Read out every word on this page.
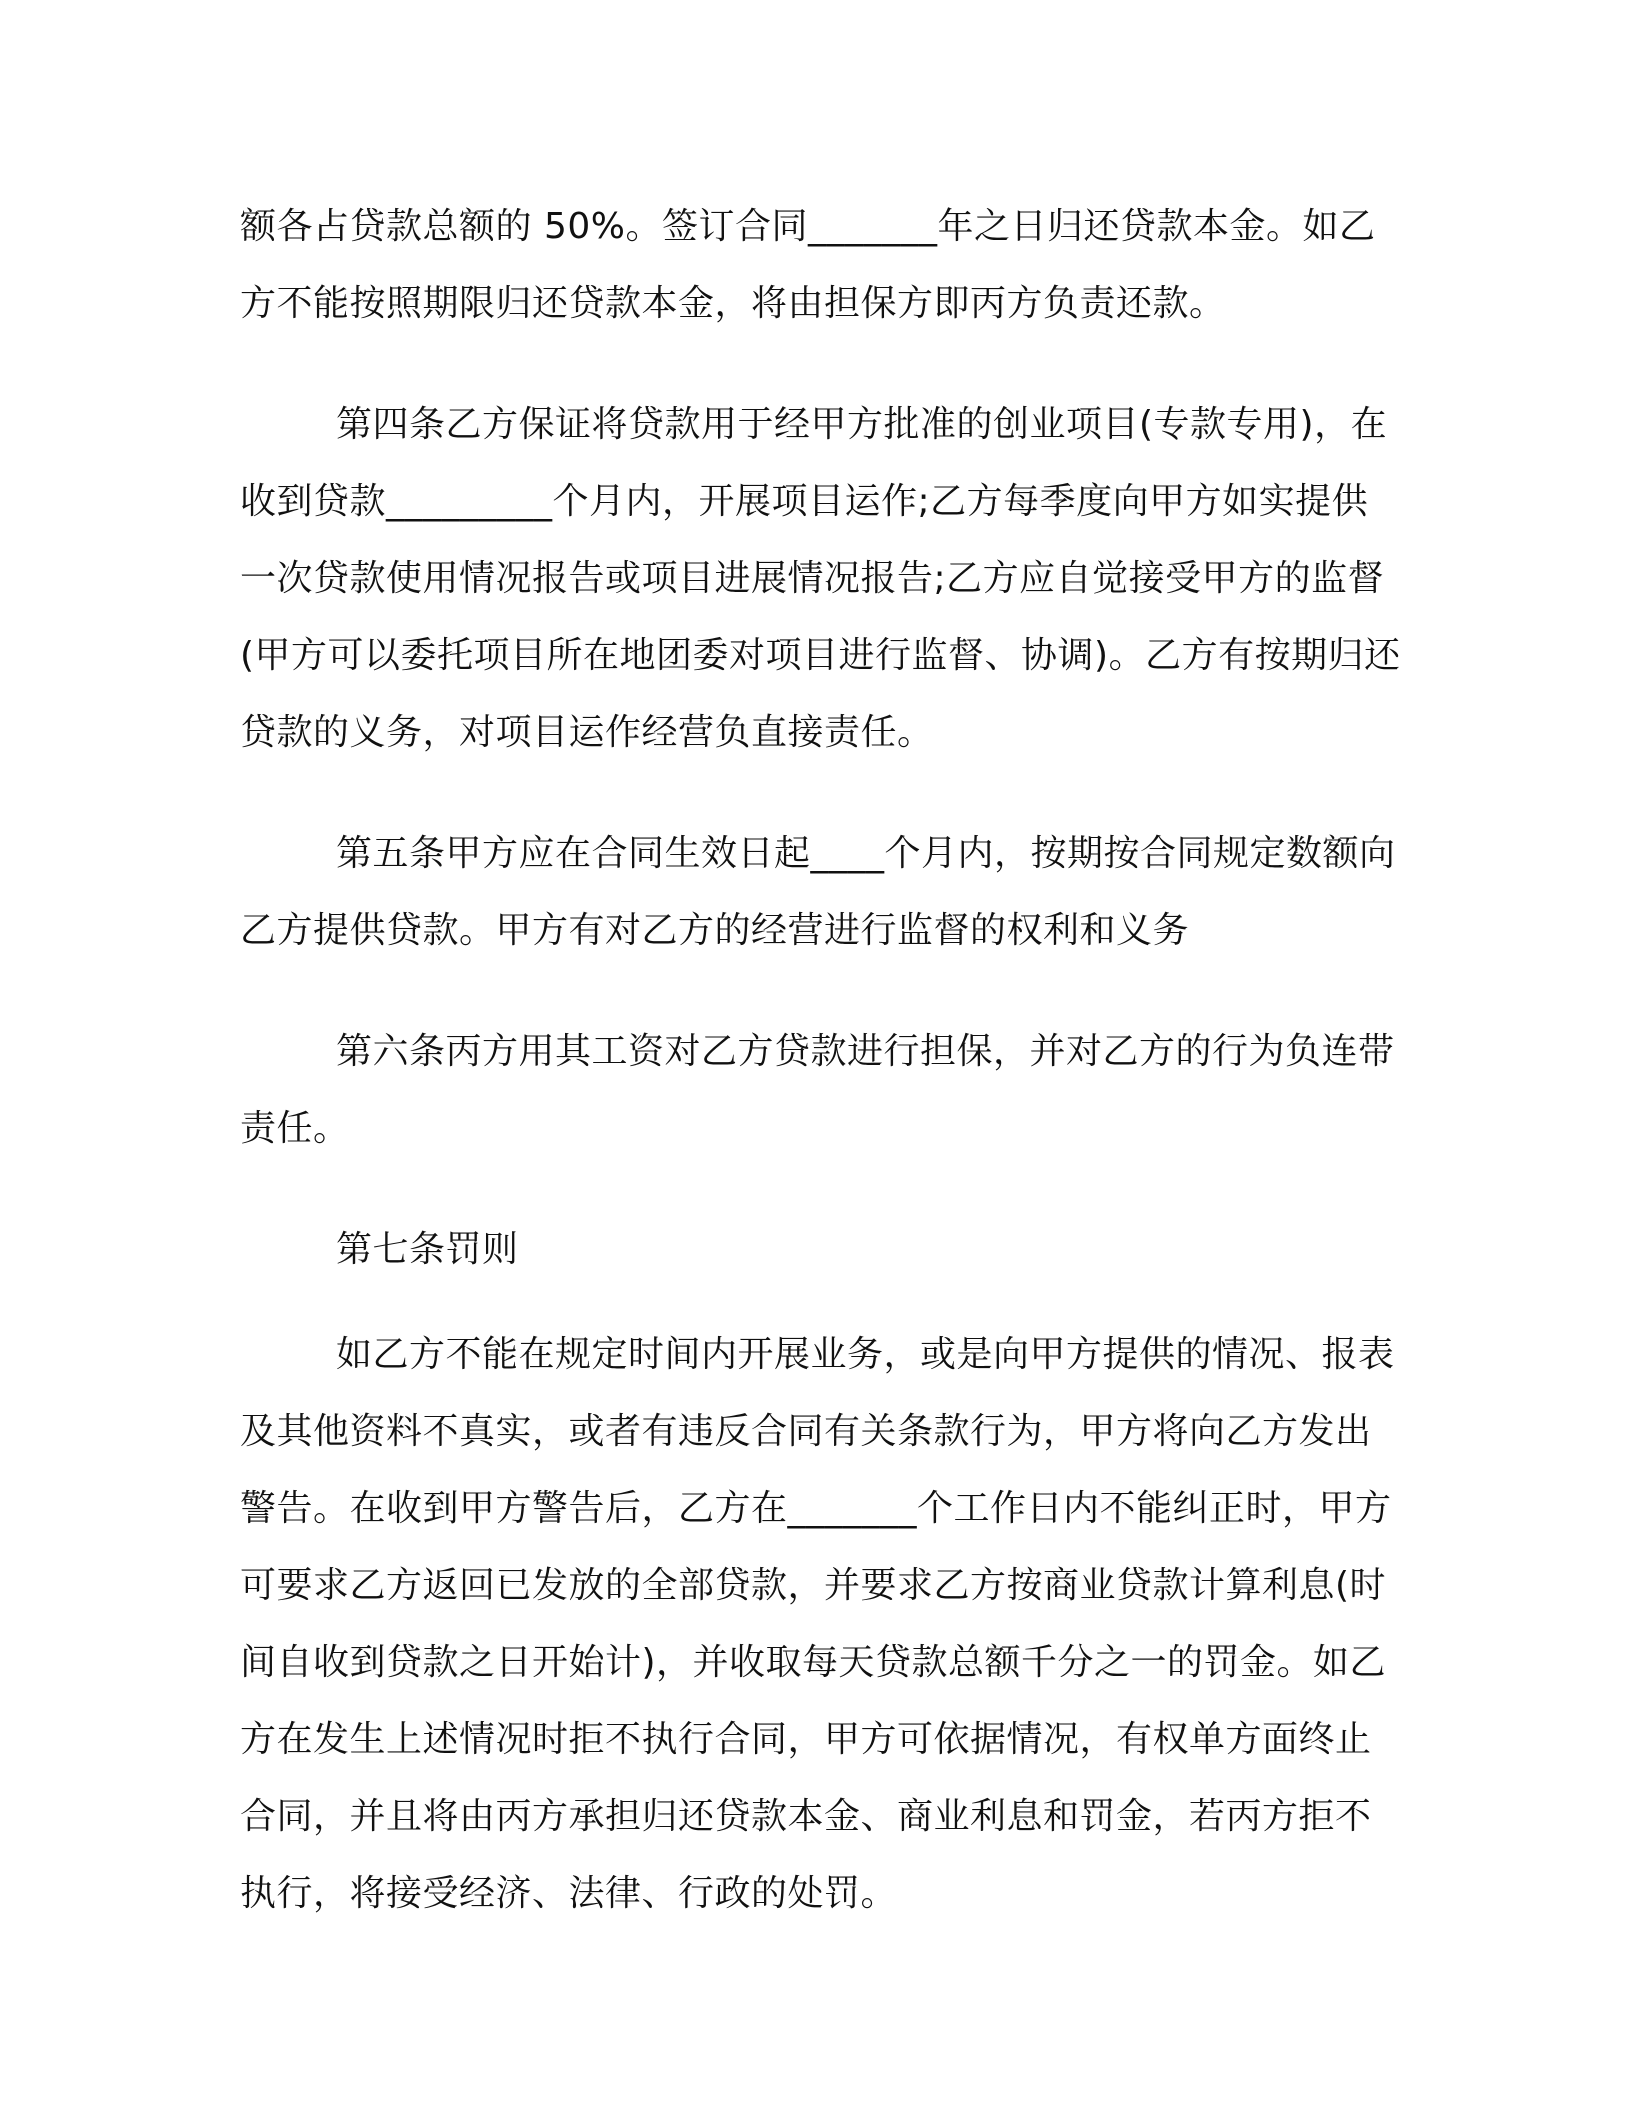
额各占贷款总额的 50%。签订合同_______年之日归还贷款本金。如乙方不能按照期限归还贷款本金，将由担保方即丙方负责还款。

第四条乙方保证将贷款用于经甲方批准的创业项目(专款专用)，在收到贷款_________个月内，开展项目运作;乙方每季度向甲方如实提供一次贷款使用情况报告或项目进展情况报告;乙方应自觉接受甲方的监督(甲方可以委托项目所在地团委对项目进行监督、协调)。乙方有按期归还贷款的义务，对项目运作经营负直接责任。

第五条甲方应在合同生效日起____个月内，按期按合同规定数额向乙方提供贷款。甲方有对乙方的经营进行监督的权利和义务

第六条丙方用其工资对乙方贷款进行担保，并对乙方的行为负连带责任。

第七条罚则

如乙方不能在规定时间内开展业务，或是向甲方提供的情况、报表及其他资料不真实，或者有违反合同有关条款行为，甲方将向乙方发出警告。在收到甲方警告后，乙方在_______个工作日内不能纠正时，甲方可要求乙方返回已发放的全部贷款，并要求乙方按商业贷款计算利息(时间自收到贷款之日开始计)，并收取每天贷款总额千分之一的罚金。如乙方在发生上述情况时拒不执行合同，甲方可依据情况，有权单方面终止合同，并且将由丙方承担归还贷款本金、商业利息和罚金，若丙方拒不执行，将接受经济、法律、行政的处罚。
